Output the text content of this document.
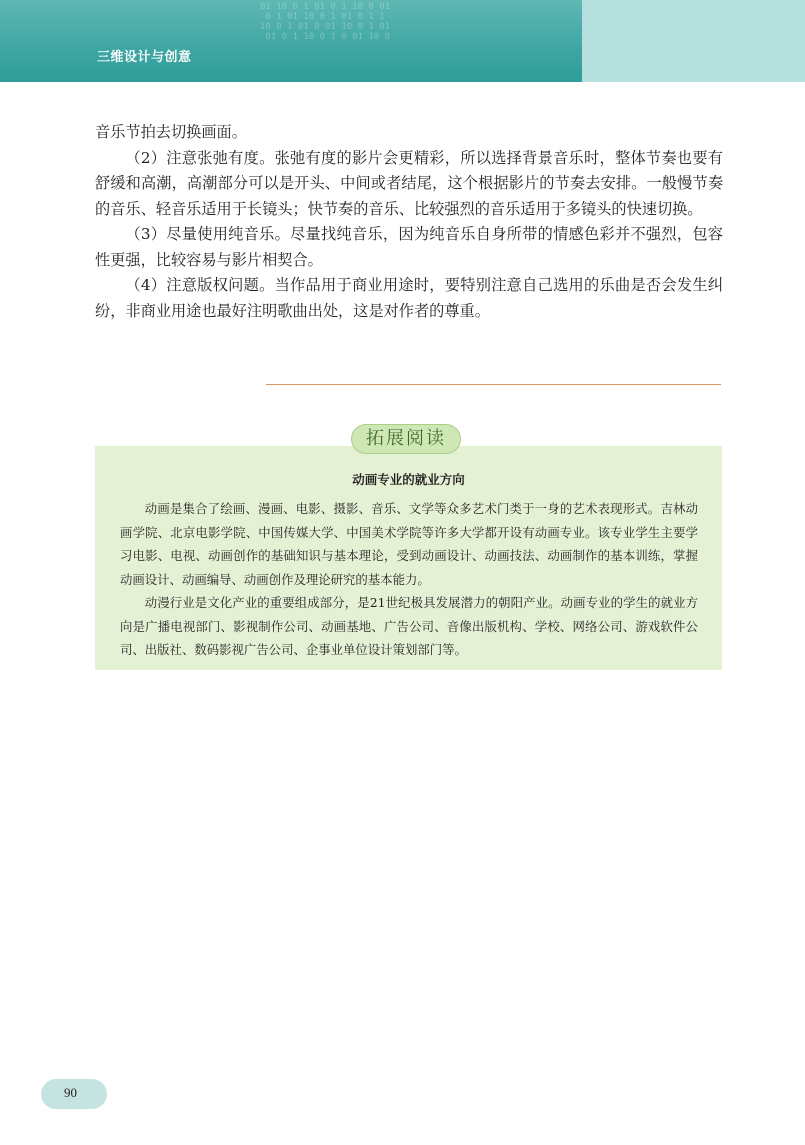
01 10 0 1 01 0 1 10 0 01
0 1 01 10 0 1 01 0 1 1
10 0 1 01 0 01 10 0 1 01
01 0 1 10 0 1 0 01 10 0
三维设计与创意

音乐节拍去切换画面。

（2）注意张弛有度。张弛有度的影片会更精彩，所以选择背景音乐时，整体节奏也要有舒缓和高潮，高潮部分可以是开头、中间或者结尾，这个根据影片的节奏去安排。一般慢节奏的音乐、轻音乐适用于长镜头；快节奏的音乐、比较强烈的音乐适用于多镜头的快速切换。

（3）尽量使用纯音乐。尽量找纯音乐，因为纯音乐自身所带的情感色彩并不强烈，包容性更强，比较容易与影片相契合。

（4）注意版权问题。当作品用于商业用途时，要特别注意自己选用的乐曲是否会发生纠纷，非商业用途也最好注明歌曲出处，这是对作者的尊重。

拓展阅读
动画专业的就业方向

动画是集合了绘画、漫画、电影、摄影、音乐、文学等众多艺术门类于一身的艺术表现形式。吉林动画学院、北京电影学院、中国传媒大学、中国美术学院等许多大学都开设有动画专业。该专业学生主要学习电影、电视、动画创作的基础知识与基本理论，受到动画设计、动画技法、动画制作的基本训练，掌握动画设计、动画编导、动画创作及理论研究的基本能力。

动漫行业是文化产业的重要组成部分，是21世纪极具发展潜力的朝阳产业。动画专业的学生的就业方向是广播电视部门、影视制作公司、动画基地、广告公司、音像出版机构、学校、网络公司、游戏软件公司、出版社、数码影视广告公司、企事业单位设计策划部门等。

90
